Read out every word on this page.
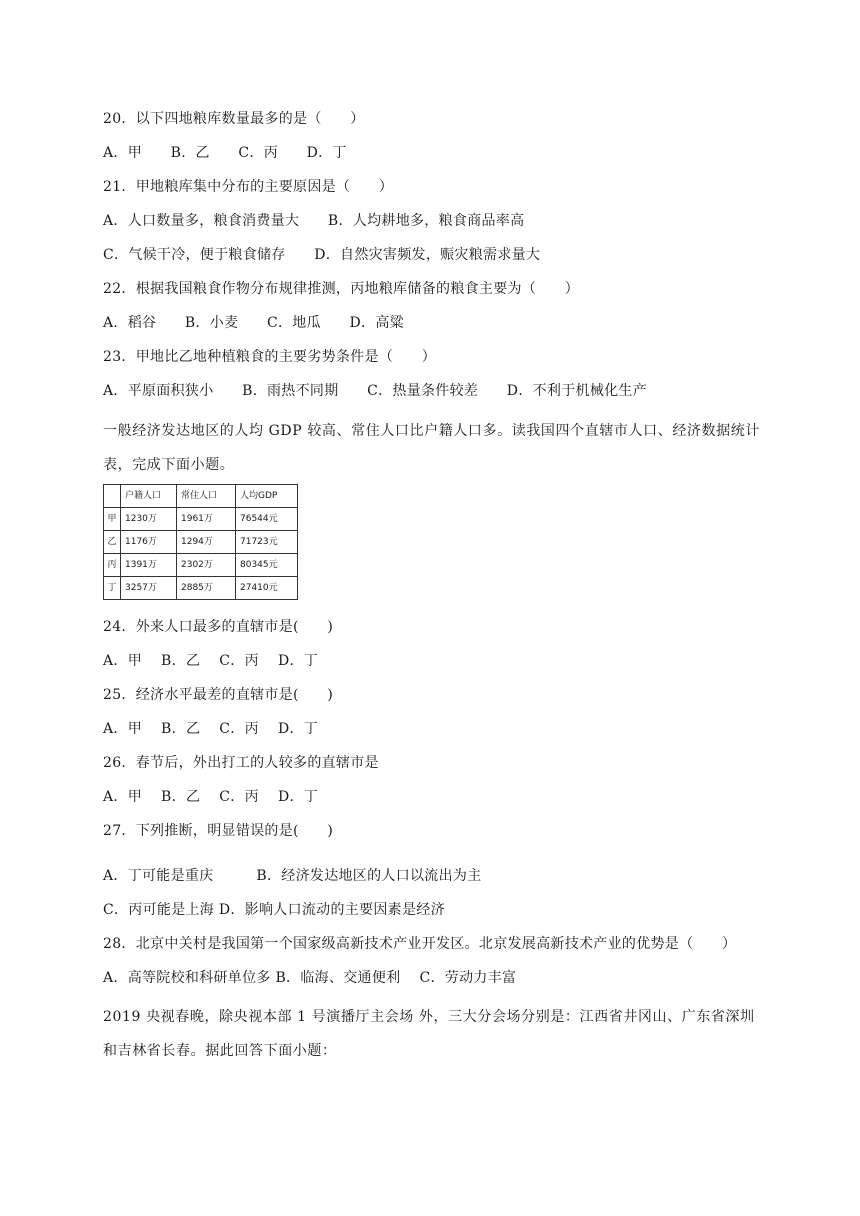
20．以下四地粮库数量最多的是（　　）
A．甲　　B．乙　　C．丙　　D．丁
21．甲地粮库集中分布的主要原因是（　　）
A．人口数量多，粮食消费量大　　B．人均耕地多，粮食商品率高
C．气候干冷，便于粮食储存　　D．自然灾害频发，赈灾粮需求量大
22．根据我国粮食作物分布规律推测，丙地粮库储备的粮食主要为（　　）
A．稻谷　　B．小麦　　C．地瓜　　D．高粱
23．甲地比乙地种植粮食的主要劣势条件是（　　）
A．平原面积狭小　　B．雨热不同期　　C．热量条件较差　　D．不利于机械化生产
一般经济发达地区的人均 GDP 较高、常住人口比户籍人口多。读我国四个直辖市人口、经济数据统计表，完成下面小题。
	户籍人口	常住人口	人均GDP
甲	1230万	1961万	76544元
乙	1176万	1294万	71723元
丙	1391万	2302万	80345元
丁	3257万	2885万	27410元
24．外来人口最多的直辖市是(　　)
A．甲　 B．乙　 C．丙　 D．丁
25．经济水平最差的直辖市是(　　)
A．甲　 B．乙　 C．丙　 D．丁
26．春节后，外出打工的人较多的直辖市是
A．甲　 B．乙　 C．丙　 D．丁
27．下列推断，明显错误的是(　　)
A．丁可能是重庆　　　B．经济发达地区的人口以流出为主
C．丙可能是上海 D．影响人口流动的主要因素是经济
28．北京中关村是我国第一个国家级高新技术产业开发区。北京发展高新技术产业的优势是（　　）
A．高等院校和科研单位多 B．临海、交通便利　 C．劳动力丰富
2019 央视春晚，除央视本部 1 号演播厅主会场 外，三大分会场分别是：江西省井冈山、广东省深圳和吉林省长春。据此回答下面小题：
